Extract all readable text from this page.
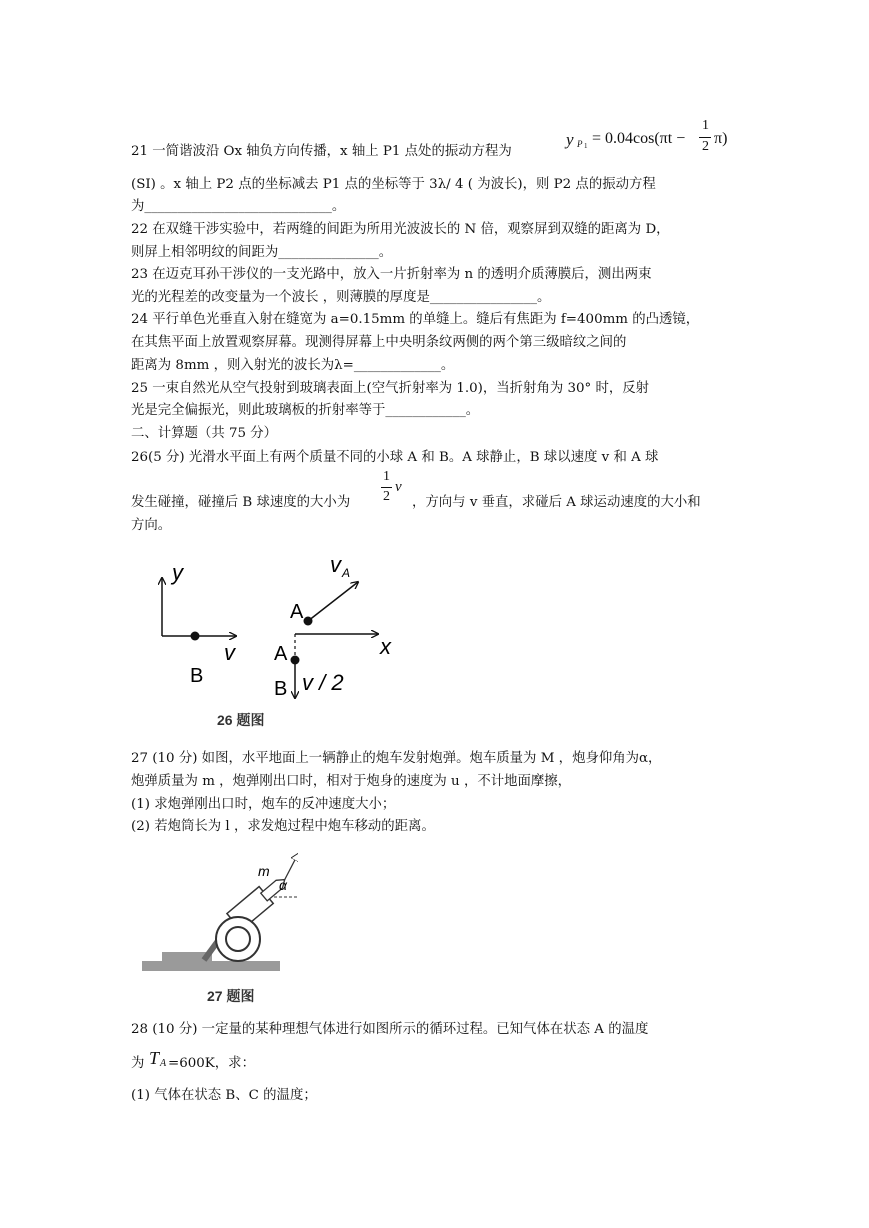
21 一简谐波沿 Ox 轴负方向传播，x 轴上 P1 点处的振动方程为
y P 1 = 0.04cos(πt −
1
2 π)
(SI) 。x 轴上 P2 点的坐标减去 P1 点的坐标等于 3λ/ 4 ( 为波长)，则 P2 点的振动方程
为____________________________。
22 在双缝干涉实验中，若两缝的间距为所用光波波长的 N 倍，观察屏到双缝的距离为 D，
则屏上相邻明纹的间距为_______________。
23 在迈克耳孙干涉仪的一支光路中，放入一片折射率为 n 的透明介质薄膜后，测出两束
光的光程差的改变量为一个波长 ，则薄膜的厚度是________________。
24 平行单色光垂直入射在缝宽为 a=0.15mm 的单缝上。缝后有焦距为 f=400mm 的凸透镜，
在其焦平面上放置观察屏幕。现测得屏幕上中央明条纹两侧的两个第三级暗纹之间的
距离为 8mm ，则入射光的波长为λ=_____________。
25 一束自然光从空气投射到玻璃表面上(空气折射率为 1.0)，当折射角为 30° 时，反射
光是完全偏振光，则此玻璃板的折射率等于____________。
二、计算题（共 75 分）
26(5 分) 光滑水平面上有两个质量不同的小球 A 和 B。A 球静止，B 球以速度 v 和 A 球
发生碰撞，碰撞后 B 球速度的大小为
1
2
v
，方向与 v 垂直，求碰后 A 球运动速度的大小和
方向。
y
v
B
v A
A
A	x
B v / 2
26 题图
27 (10 分) 如图，水平地面上一辆静止的炮车发射炮弹。炮车质量为 M ，炮身仰角为α，
炮弹质量为 m ，炮弹刚出口时，相对于炮身的速度为 u ，不计地面摩擦，
(1) 求炮弹刚出口时，炮车的反冲速度大小；
(2) 若炮筒长为 l ，求发炮过程中炮车移动的距离。
m
α
27 题图
28 (10 分) 一定量的某种理想气体进行如图所示的循环过程。已知气体在状态 A 的温度
为 T A =600K，求：
(1) 气体在状态 B、C 的温度；
